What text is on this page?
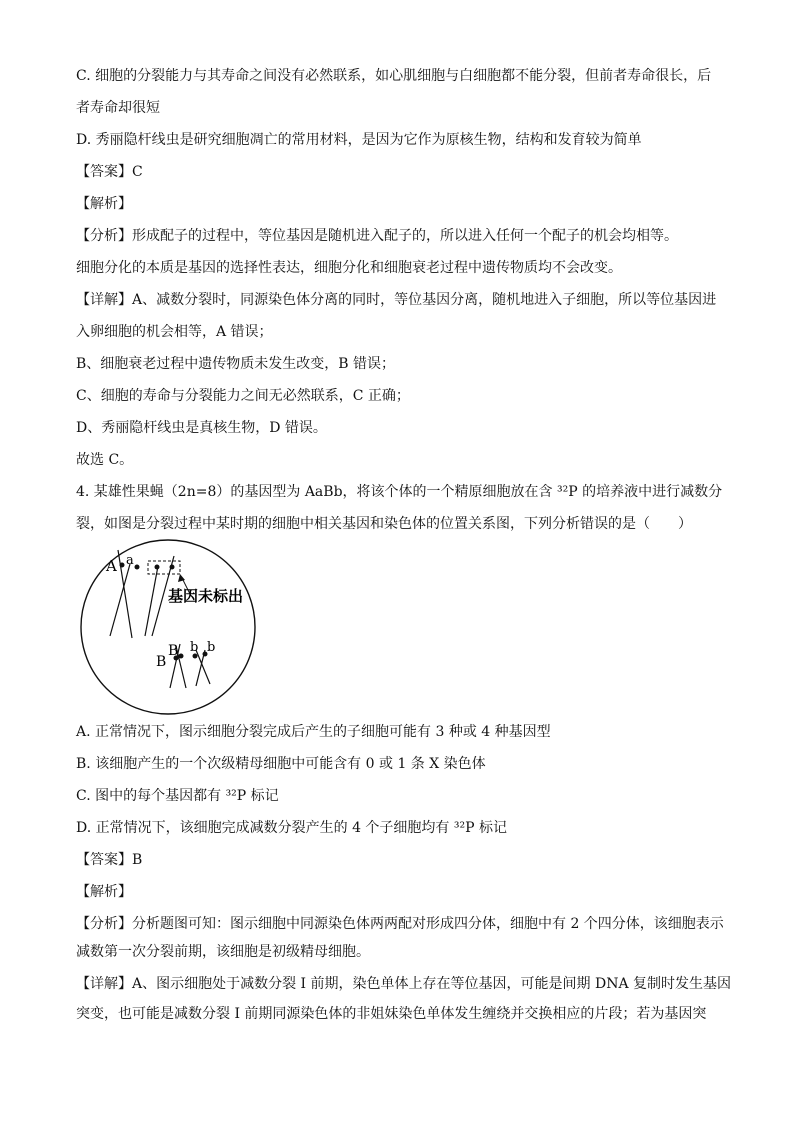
C. 细胞的分裂能力与其寿命之间没有必然联系，如心肌细胞与白细胞都不能分裂，但前者寿命很长，后
者寿命却很短
D. 秀丽隐杆线虫是研究细胞凋亡的常用材料，是因为它作为原核生物，结构和发育较为简单
【答案】C
【解析】
【分析】形成配子的过程中，等位基因是随机进入配子的，所以进入任何一个配子的机会均相等。
细胞分化的本质是基因的选择性表达，细胞分化和细胞衰老过程中遗传物质均不会改变。
【详解】A、减数分裂时，同源染色体分离的同时，等位基因分离，随机地进入子细胞，所以等位基因进
入卵细胞的机会相等，A 错误；
B、细胞衰老过程中遗传物质未发生改变，B 错误；
C、细胞的寿命与分裂能力之间无必然联系，C 正确；
D、秀丽隐杆线虫是真核生物，D 错误。
故选 C。
4. 某雄性果蝇（2n=8）的基因型为 AaBb，将该个体的一个精原细胞放在含 ³²P 的培养液中进行减数分
裂，如图是分裂过程中某时期的细胞中相关基因和染色体的位置关系图，下列分析错误的是（　　）
A a
基因未标出
B
B
b b
A. 正常情况下，图示细胞分裂完成后产生的子细胞可能有 3 种或 4 种基因型
B. 该细胞产生的一个次级精母细胞中可能含有 0 或 1 条 X 染色体
C. 图中的每个基因都有 ³²P 标记
D. 正常情况下，该细胞完成减数分裂产生的 4 个子细胞均有 ³²P 标记
【答案】B
【解析】
【分析】分析题图可知：图示细胞中同源染色体两两配对形成四分体，细胞中有 2 个四分体，该细胞表示
减数第一次分裂前期，该细胞是初级精母细胞。
【详解】A、图示细胞处于减数分裂 I 前期，染色单体上存在等位基因，可能是间期 DNA 复制时发生基因
突变，也可能是减数分裂 I 前期同源染色体的非姐妹染色单体发生缠绕并交换相应的片段；若为基因突
